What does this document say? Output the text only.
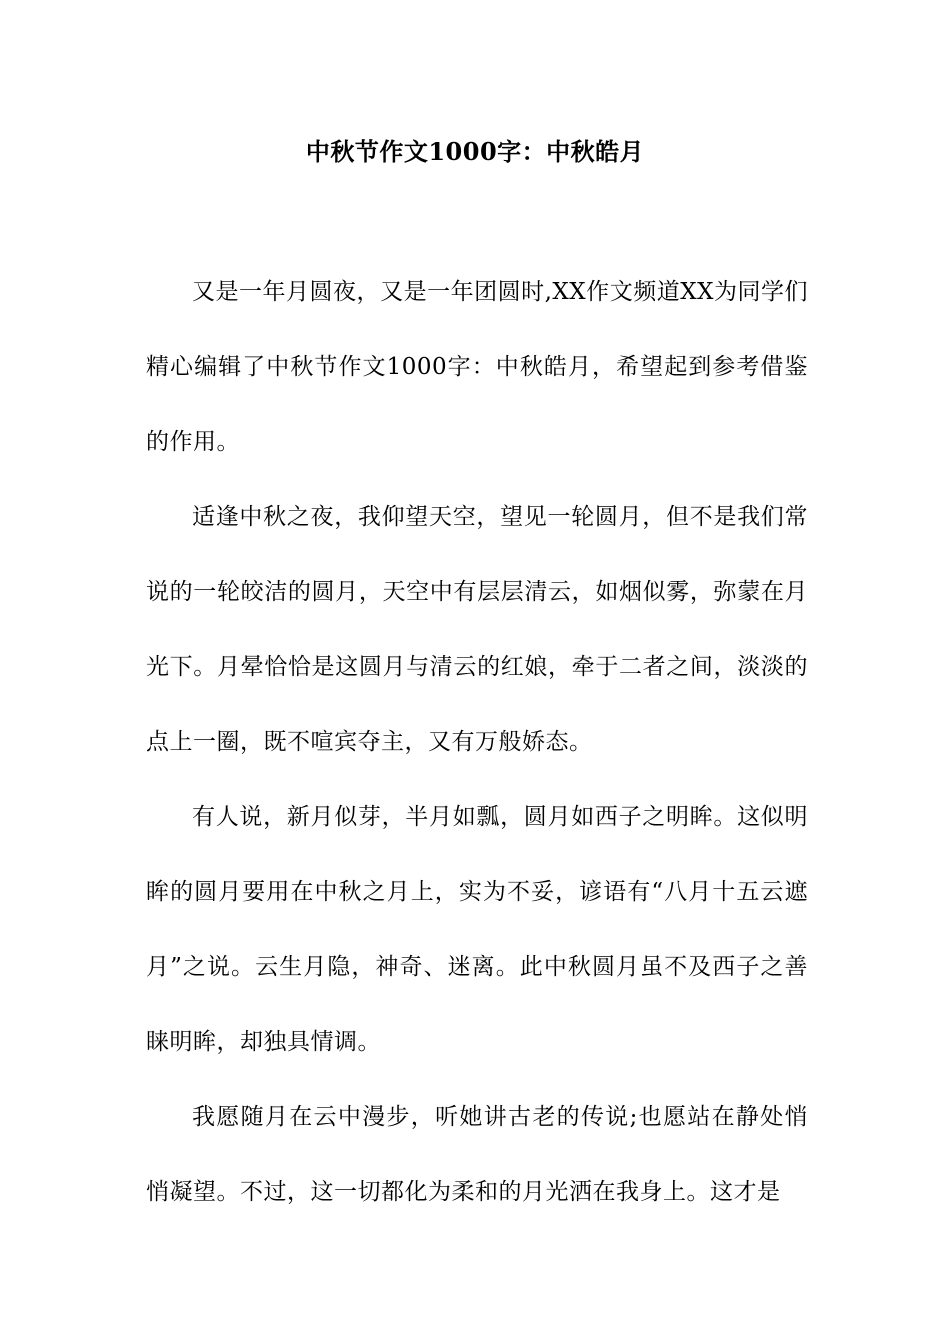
中秋节作文1000字：中秋皓月

又是一年月圆夜，又是一年团圆时,XX作文频道XX为同学们精心编辑了中秋节作文1000字：中秋皓月，希望起到参考借鉴的作用。

适逢中秋之夜，我仰望天空，望见一轮圆月，但不是我们常说的一轮皎洁的圆月，天空中有层层清云，如烟似雾，弥蒙在月光下。月晕恰恰是这圆月与清云的红娘，牵于二者之间，淡淡的点上一圈，既不喧宾夺主，又有万般娇态。

有人说，新月似芽，半月如瓢，圆月如西子之明眸。这似明眸的圆月要用在中秋之月上，实为不妥，谚语有“八月十五云遮月”之说。云生月隐，神奇、迷离。此中秋圆月虽不及西子之善睐明眸，却独具情调。

我愿随月在云中漫步，听她讲古老的传说;也愿站在静处悄悄凝望。不过，这一切都化为柔和的月光洒在我身上。这才是
